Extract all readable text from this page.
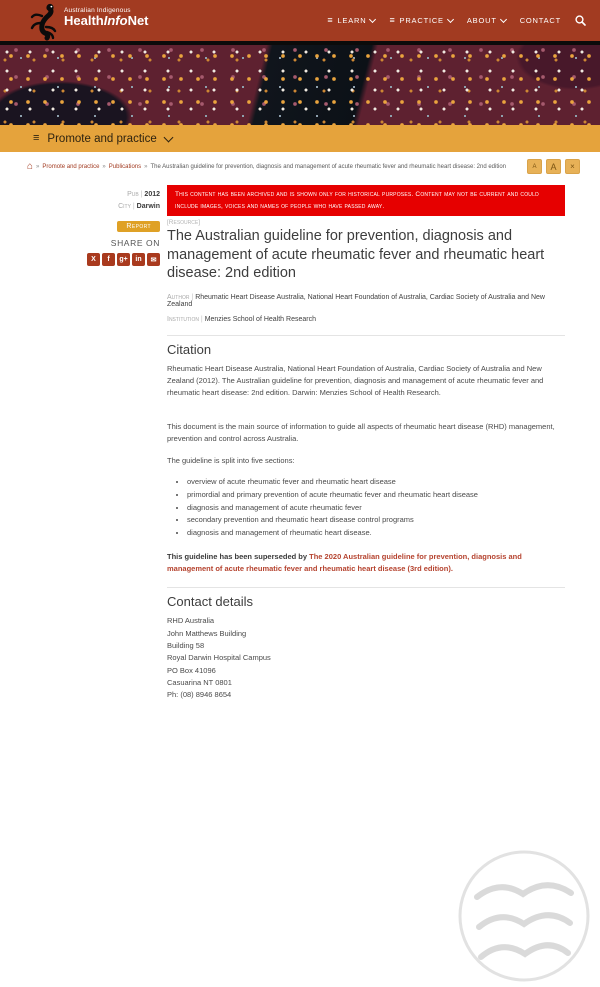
Australian Indigenous
HealthInfoNet	≡ LEARN	≡ PRACTICE	ABOUT	CONTACT
≡ Promote and practice
⌂ » Promote and practice » Publications » The Australian guideline for prevention, diagnosis and management of acute rheumatic fever and rheumatic heart disease: 2nd edition	A	A	×
Pub | 2012
City | Darwin
Report
SHARE ON
X	f	g+	in	✉
This content has been archived and is shown only for historical purposes. Content may not be current and could include images, voices and names of people who have passed away.
[Resource]
The Australian guideline for prevention, diagnosis and management of acute rheumatic fever and rheumatic heart disease: 2nd edition
Author | Rheumatic Heart Disease Australia, National Heart Foundation of Australia, Cardiac Society of Australia and New Zealand
Institution | Menzies School of Health Research
Citation

Rheumatic Heart Disease Australia, National Heart Foundation of Australia, Cardiac Society of Australia and New Zealand (2012). The Australian guideline for prevention, diagnosis and management of acute rheumatic fever and rheumatic heart disease: 2nd edition. Darwin: Menzies School of Health Research.

This document is the main source of information to guide all aspects of rheumatic heart disease (RHD) management, prevention and control across Australia.

The guideline is split into five sections:

• overview of acute rheumatic fever and rheumatic heart disease
• primordial and primary prevention of acute rheumatic fever and rheumatic heart disease
• diagnosis and management of acute rheumatic fever
• secondary prevention and rheumatic heart disease control programs
• diagnosis and management of rheumatic heart disease.

This guideline has been superseded by The 2020 Australian guideline for prevention, diagnosis and management of acute rheumatic fever and rheumatic heart disease (3rd edition).

Contact details
RHD Australia
John Matthews Building
Building 58
Royal Darwin Hospital Campus
PO Box 41096
Casuarina NT 0801
Ph: (08) 8946 8654
